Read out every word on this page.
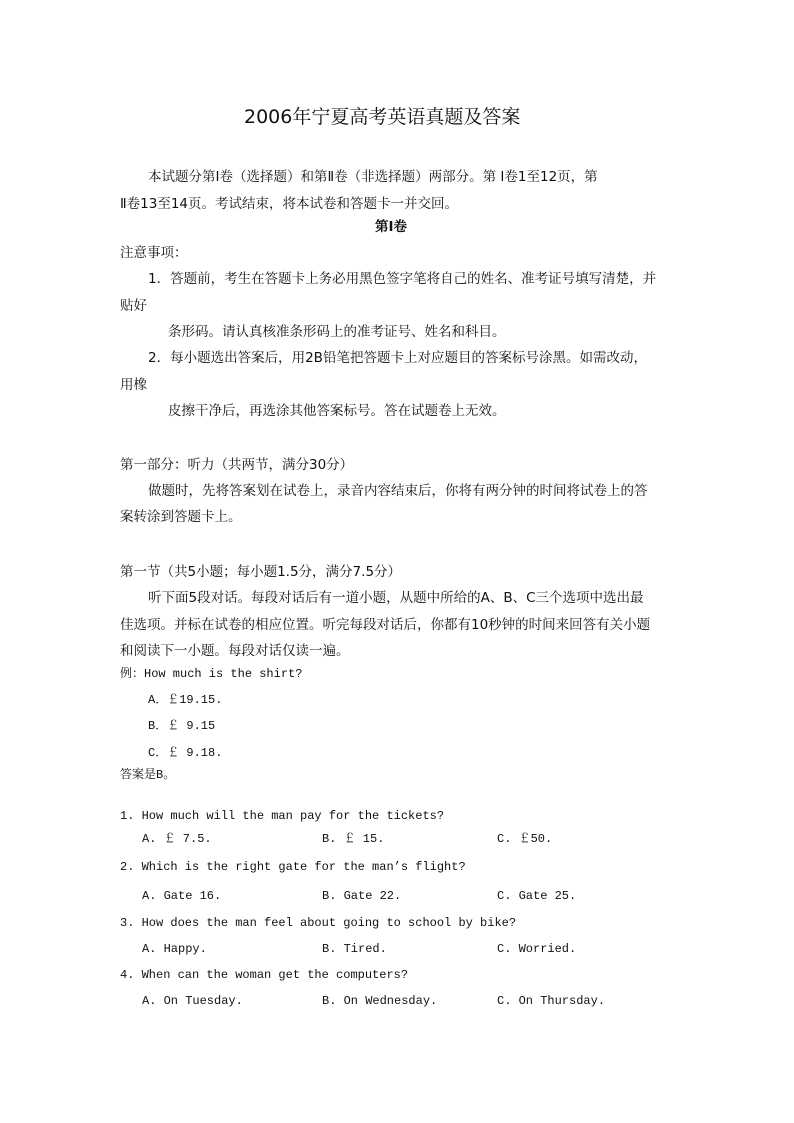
2006年宁夏高考英语真题及答案
本试题分第Ⅰ卷（选择题）和第Ⅱ卷（非选择题）两部分。第 Ⅰ卷1至12页，第
Ⅱ卷13至14页。考试结束，将本试卷和答题卡一并交回。
第Ⅰ卷
注意事项：
1．答题前，考生在答题卡上务必用黑色签字笔将自己的姓名、准考证号填写清楚，并
贴好
条形码。请认真核准条形码上的准考证号、姓名和科目。
2．每小题选出答案后，用2B铅笔把答题卡上对应题目的答案标号涂黑。如需改动，
用橡
皮擦干净后，再选涂其他答案标号。答在试题卷上无效。
第一部分：听力（共两节，满分30分）
做题时，先将答案划在试卷上，录音内容结束后，你将有两分钟的时间将试卷上的答
案转涂到答题卡上。
第一节（共5小题；每小题1.5分，满分7.5分）
听下面5段对话。每段对话后有一道小题，从题中所给的A、B、C三个选项中选出最
佳选项。并标在试卷的相应位置。听完每段对话后，你都有10秒钟的时间来回答有关小题
和阅读下一小题。每段对话仅读一遍。
例：How much is the shirt?
A．￡19.15.
B．￡ 9.15
C．￡ 9.18.
答案是B。
1. How much will the man pay for the tickets?
A. ￡ 7.5.	B. ￡ 15.	C. ￡50.
2. Which is the right gate for the man’s flight?
A. Gate 16.	B. Gate 22.	C. Gate 25.
3. How does the man feel about going to school by bike?
A. Happy.	B. Tired.	C. Worried.
4. When can the woman get the computers?
A. On Tuesday.	B. On Wednesday.	C. On Thursday.
